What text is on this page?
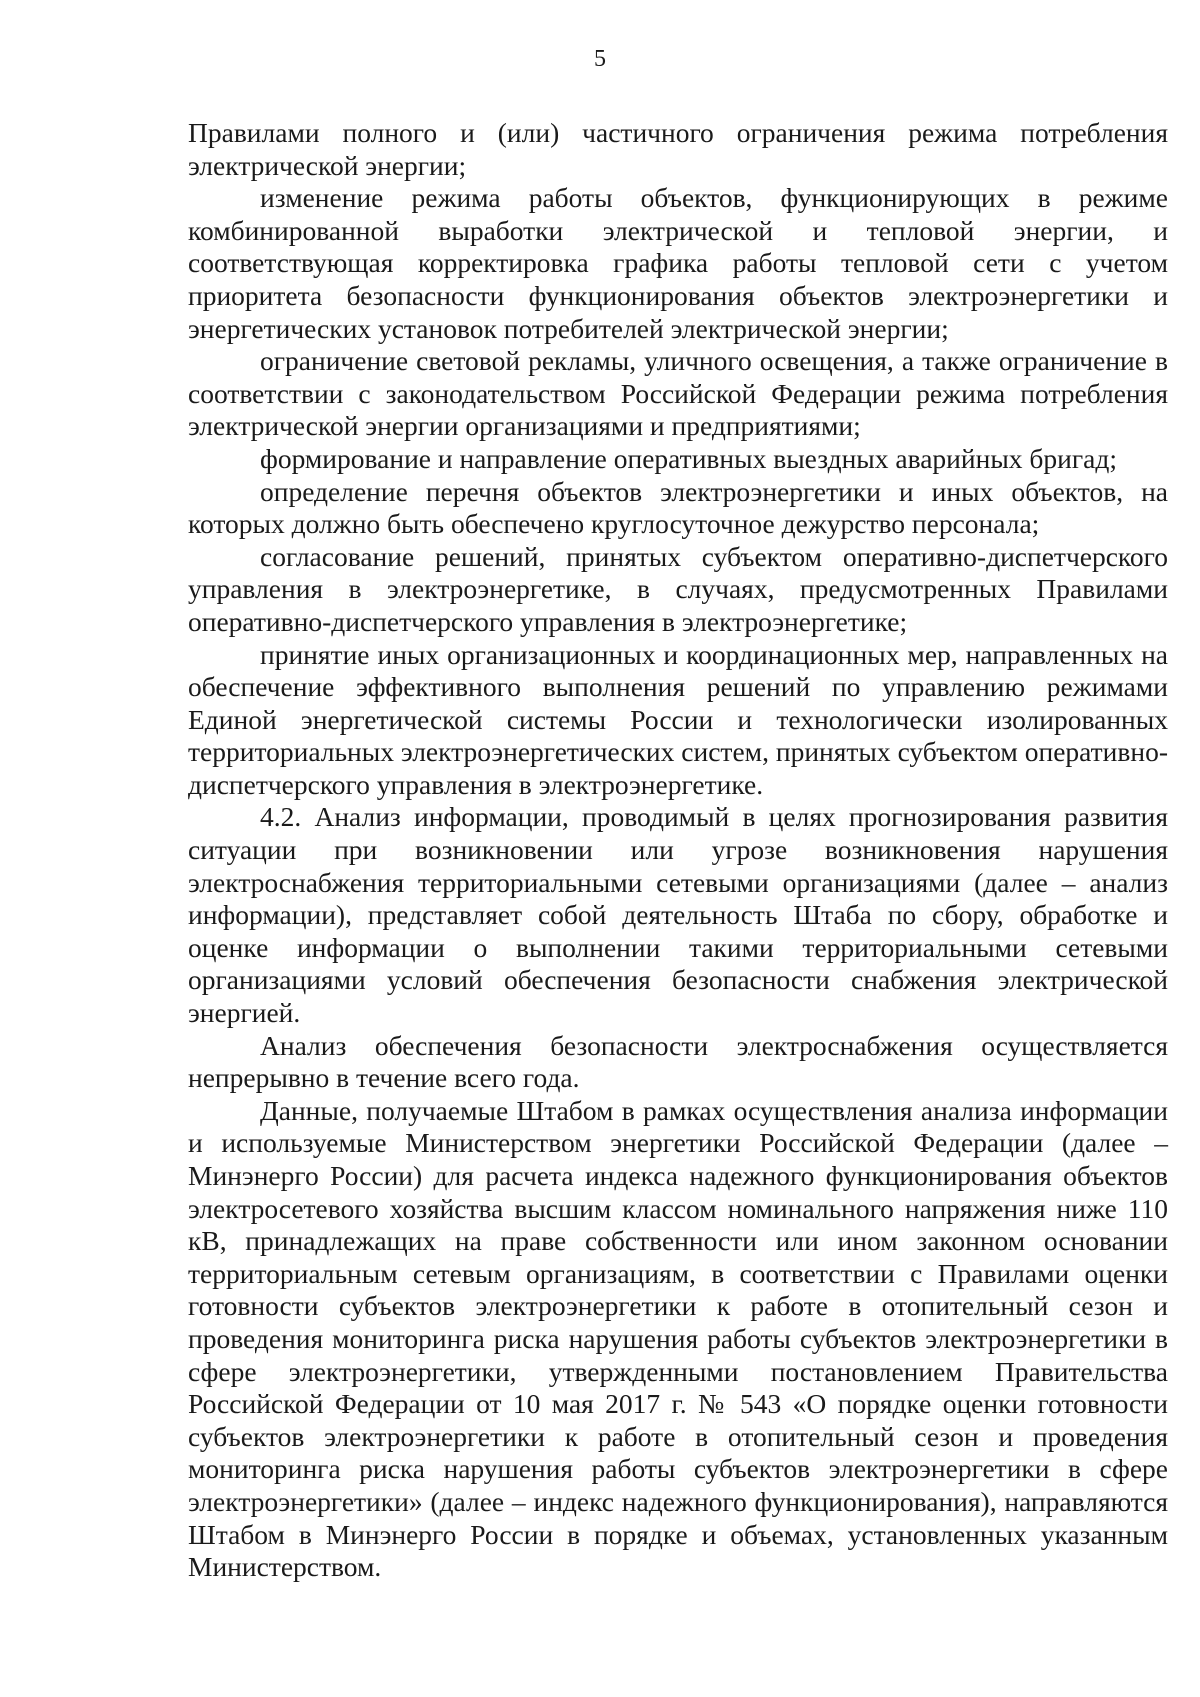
5

Правилами полного и (или) частичного ограничения режима потребления электрической энергии;

изменение режима работы объектов, функционирующих в режиме комбинированной выработки электрической и тепловой энергии, и соответствующая корректировка графика работы тепловой сети с учетом приоритета безопасности функционирования объектов электроэнергетики и энергетических установок потребителей электрической энергии;

ограничение световой рекламы, уличного освещения, а также ограничение в соответствии с законодательством Российской Федерации режима потребления электрической энергии организациями и предприятиями;

формирование и направление оперативных выездных аварийных бригад;

определение перечня объектов электроэнергетики и иных объектов, на которых должно быть обеспечено круглосуточное дежурство персонала;

согласование решений, принятых субъектом оперативно-диспетчерского управления в электроэнергетике, в случаях, предусмотренных Правилами оперативно-диспетчерского управления в электроэнергетике;

принятие иных организационных и координационных мер, направленных на обеспечение эффективного выполнения решений по управлению режимами Единой энергетической системы России и технологически изолированных территориальных электроэнергетических систем, принятых субъектом оперативно-диспетчерского управления в электроэнергетике.

4.2. Анализ информации, проводимый в целях прогнозирования развития ситуации при возникновении или угрозе возникновения нарушения электроснабжения территориальными сетевыми организациями (далее – анализ информации), представляет собой деятельность Штаба по сбору, обработке и оценке информации о выполнении такими территориальными сетевыми организациями условий обеспечения безопасности снабжения электрической энергией.

Анализ обеспечения безопасности электроснабжения осуществляется непрерывно в течение всего года.

Данные, получаемые Штабом в рамках осуществления анализа информации и используемые Министерством энергетики Российской Федерации (далее – Минэнерго России) для расчета индекса надежного функционирования объектов электросетевого хозяйства высшим классом номинального напряжения ниже 110 кВ, принадлежащих на праве собственности или ином законном основании территориальным сетевым организациям, в соответствии с Правилами оценки готовности субъектов электроэнергетики к работе в отопительный сезон и проведения мониторинга риска нарушения работы субъектов электроэнергетики в сфере электроэнергетики, утвержденными постановлением Правительства Российской Федерации от 10 мая 2017 г. № 543 «О порядке оценки готовности субъектов электроэнергетики к работе в отопительный сезон и проведения мониторинга риска нарушения работы субъектов электроэнергетики в сфере электроэнергетики» (далее – индекс надежного функционирования), направляются Штабом в Минэнерго России в порядке и объемах, установленных указанным Министерством.
